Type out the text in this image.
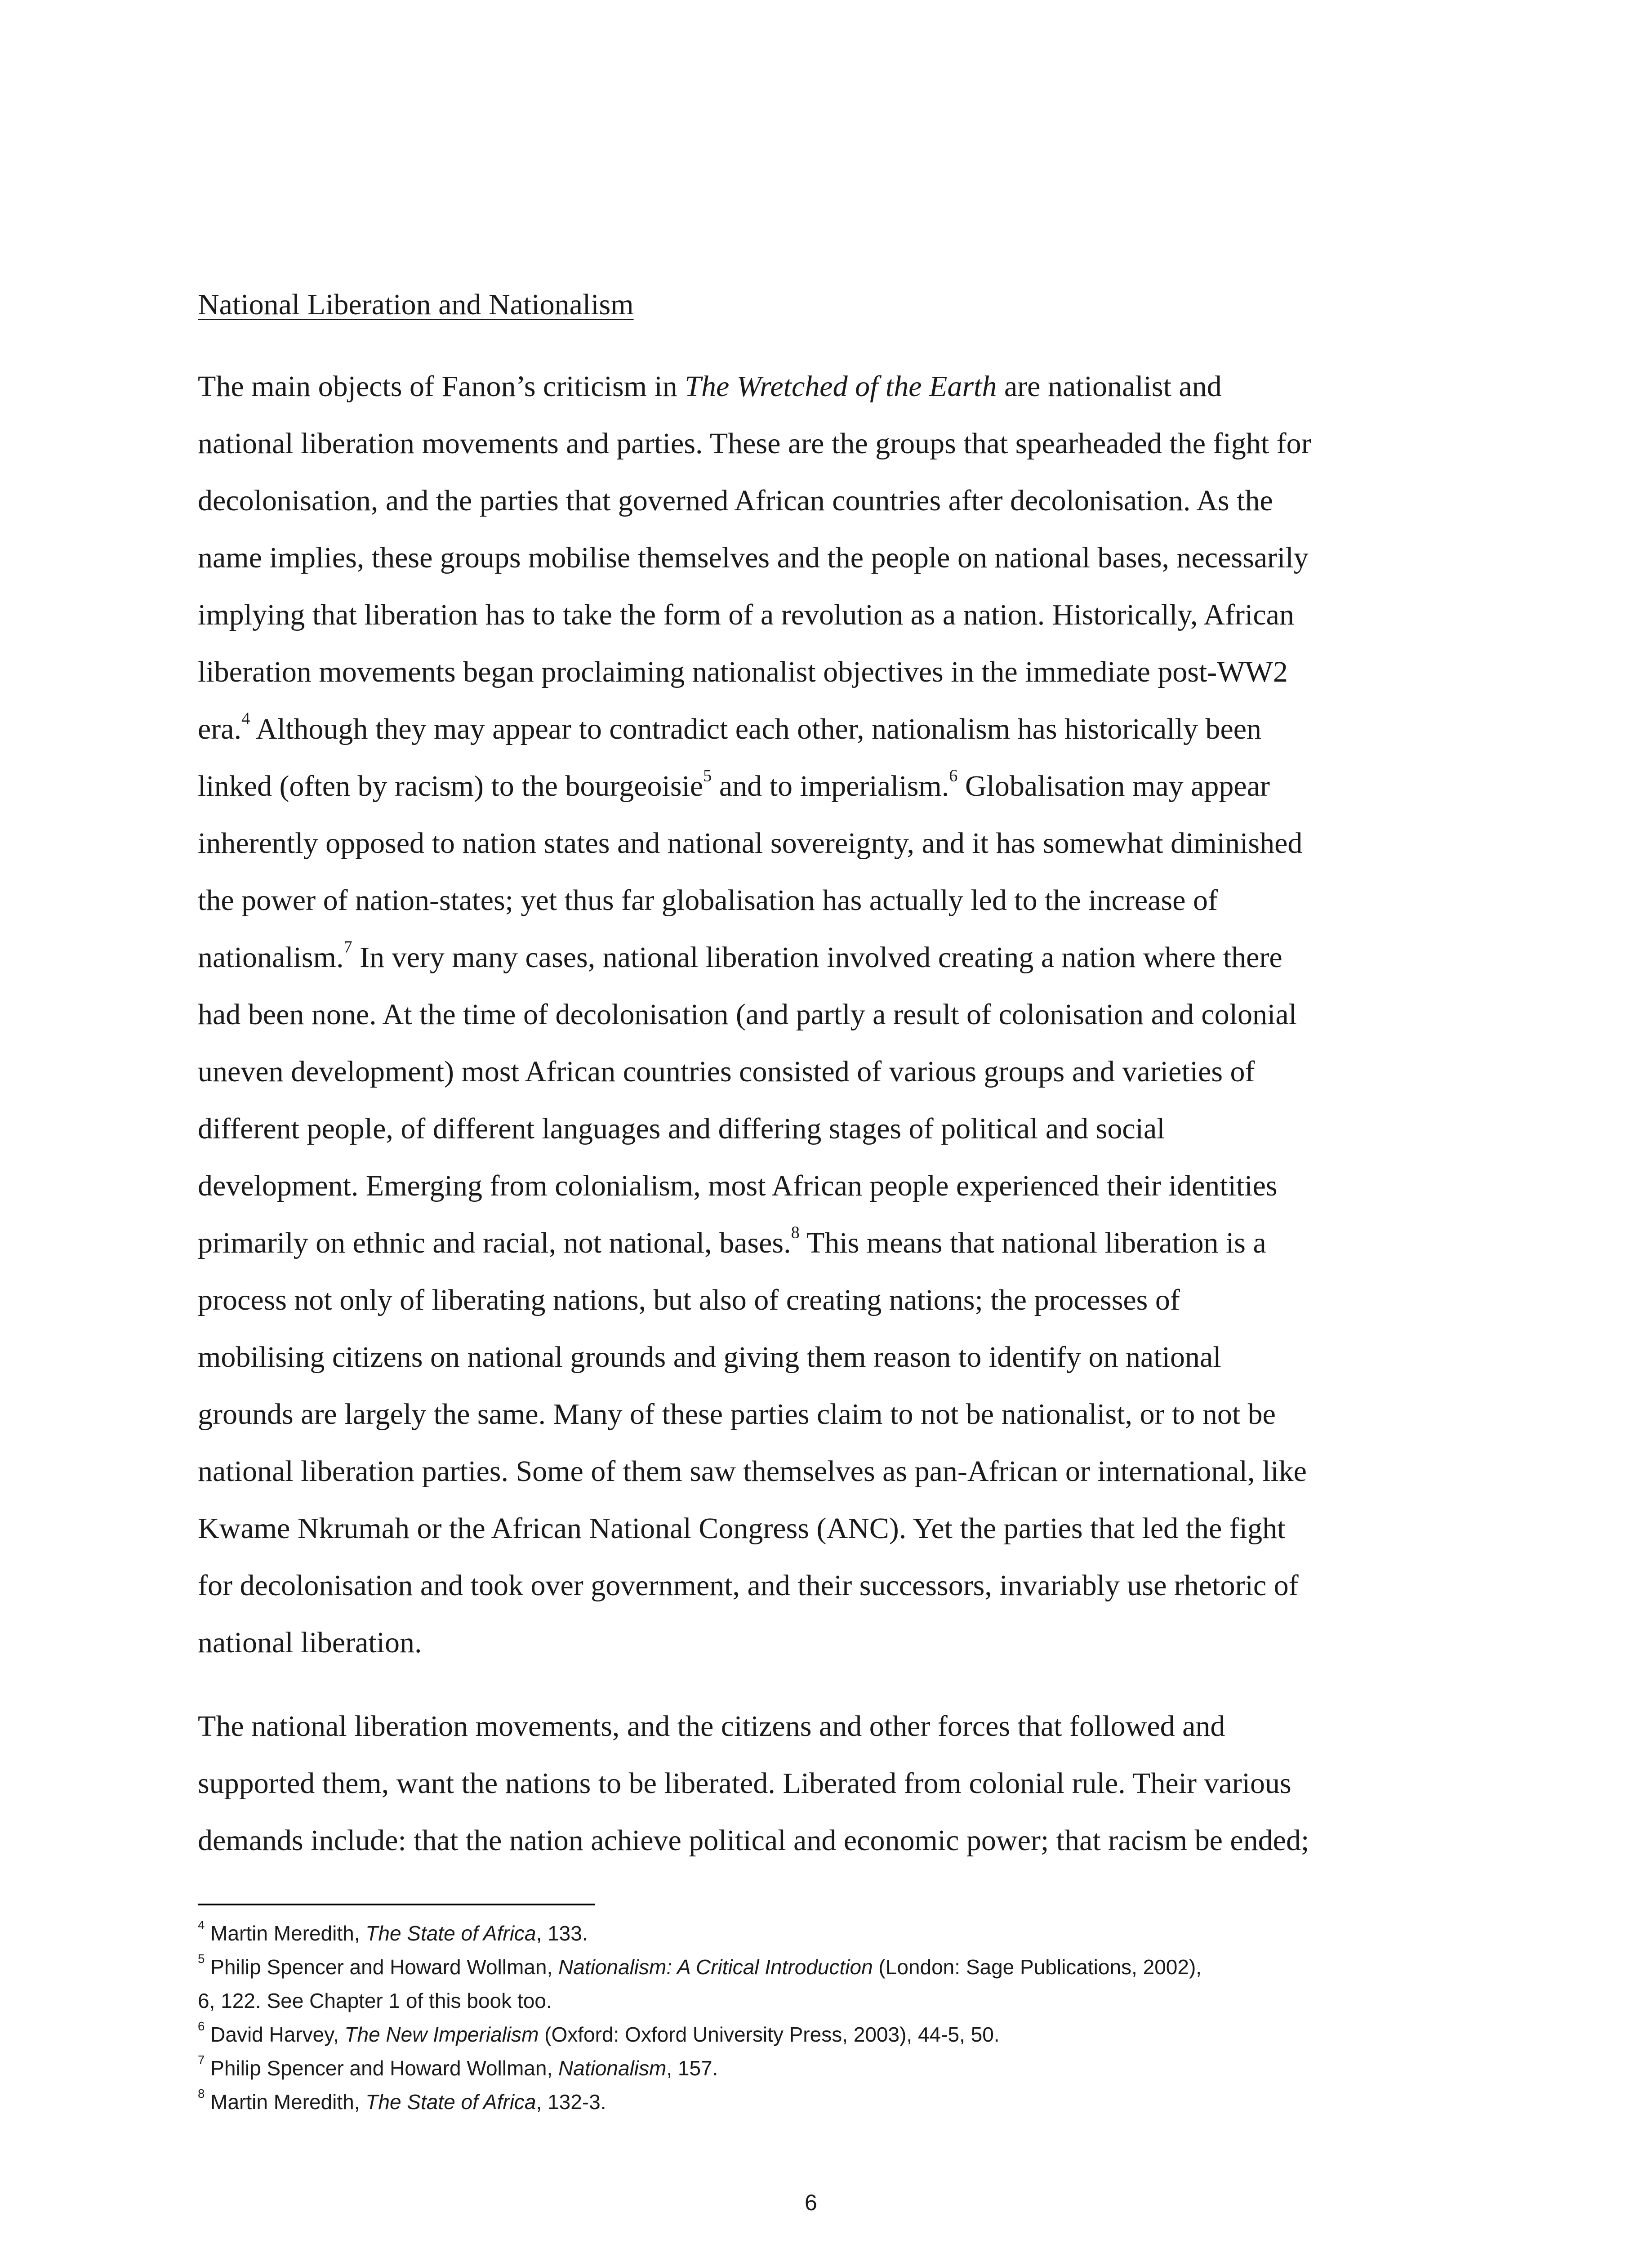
National Liberation and Nationalism
The main objects of Fanon’s criticism in The Wretched of the Earth are nationalist and
national liberation movements and parties. These are the groups that spearheaded the fight for
decolonisation, and the parties that governed African countries after decolonisation. As the
name implies, these groups mobilise themselves and the people on national bases, necessarily
implying that liberation has to take the form of a revolution as a nation. Historically, African
liberation movements began proclaiming nationalist objectives in the immediate post-WW2
era.$^4$ Although they may appear to contradict each other, nationalism has historically been
linked (often by racism) to the bourgeoisie$^5$ and to imperialism.$^6$ Globalisation may appear
inherently opposed to nation states and national sovereignty, and it has somewhat diminished
the power of nation-states; yet thus far globalisation has actually led to the increase of
nationalism.$^7$ In very many cases, national liberation involved creating a nation where there
had been none. At the time of decolonisation (and partly a result of colonisation and colonial
uneven development) most African countries consisted of various groups and varieties of
different people, of different languages and differing stages of political and social
development. Emerging from colonialism, most African people experienced their identities
primarily on ethnic and racial, not national, bases.$^8$ This means that national liberation is a
process not only of liberating nations, but also of creating nations; the processes of
mobilising citizens on national grounds and giving them reason to identify on national
grounds are largely the same. Many of these parties claim to not be nationalist, or to not be
national liberation parties. Some of them saw themselves as pan-African or international, like
Kwame Nkrumah or the African National Congress (ANC). Yet the parties that led the fight
for decolonisation and took over government, and their successors, invariably use rhetoric of
national liberation.
The national liberation movements, and the citizens and other forces that followed and
supported them, want the nations to be liberated. Liberated from colonial rule. Their various
demands include: that the nation achieve political and economic power; that racism be ended;
$^4$ Martin Meredith, The State of Africa, 133.
$^5$ Philip Spencer and Howard Wollman, Nationalism: A Critical Introduction (London: Sage Publications, 2002),
6, 122. See Chapter 1 of this book too.
$^6$ David Harvey, The New Imperialism (Oxford: Oxford University Press, 2003), 44-5, 50.
$^7$ Philip Spencer and Howard Wollman, Nationalism, 157.
$^8$ Martin Meredith, The State of Africa, 132-3.
6
